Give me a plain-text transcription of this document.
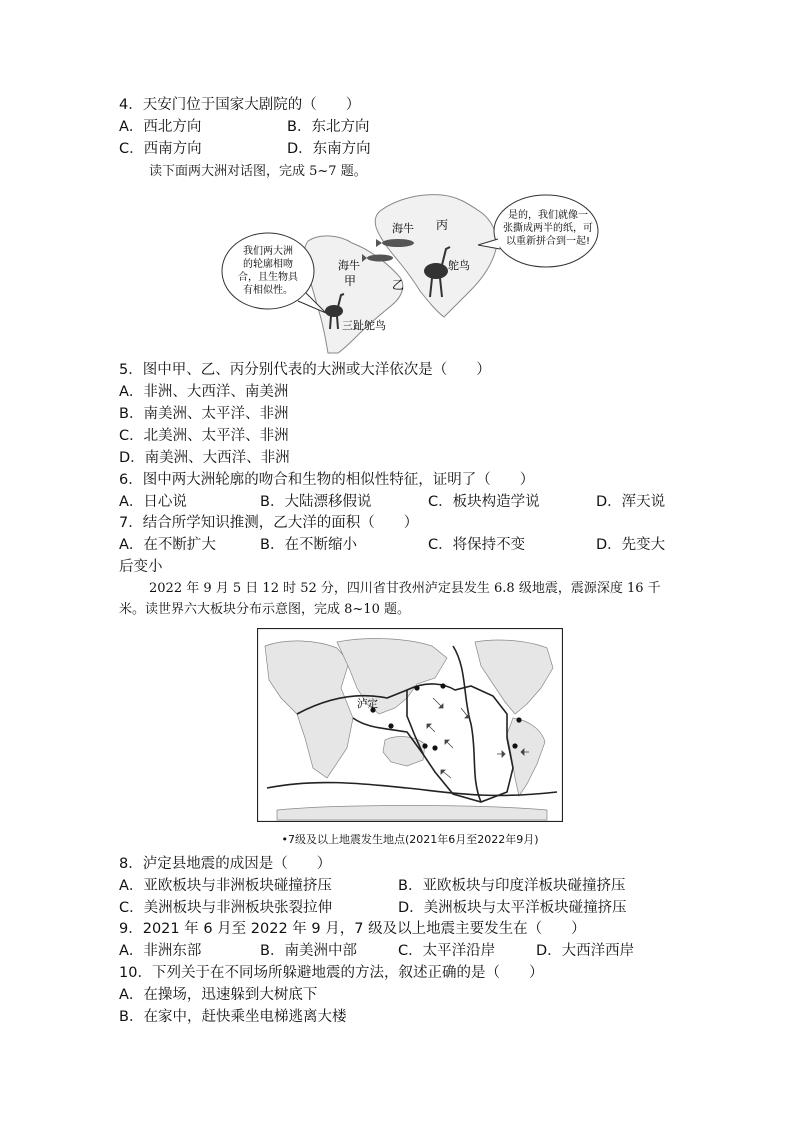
4．天安门位于国家大剧院的（　　）
A．西北方向	B．东北方向
C．西南方向	D．东南方向
读下面两大洲对话图，完成 5~7 题。
我们两大洲
的轮廓相吻
合，且生物具
有相似性。
是的，我们就像一
张撕成两半的纸，可
以重新拼合到一起!
海牛 丙
海牛
甲	乙
鸵鸟
三趾鸵鸟
5．图中甲、乙、丙分别代表的大洲或大洋依次是（　　）
A．非洲、大西洋、南美洲
B．南美洲、太平洋、非洲
C．北美洲、太平洋、非洲
D．南美洲、大西洋、非洲
6．图中两大洲轮廓的吻合和生物的相似性特征，证明了（　　）
A．日心说	B．大陆漂移假说	C．板块构造学说	D．浑天说
7．结合所学知识推测，乙大洋的面积（　　）
A．在不断扩大	B．在不断缩小	C．将保持不变	D．先变大
后变小
2022 年 9 月 5 日 12 时 52 分，四川省甘孜州泸定县发生 6.8 级地震，震源深度 16 千
米。读世界六大板块分布示意图，完成 8~10 题。
泸定
•7级及以上地震发生地点(2021年6月至2022年9月)
8．泸定县地震的成因是（　　）
A．亚欧板块与非洲板块碰撞挤压	B．亚欧板块与印度洋板块碰撞挤压
C．美洲板块与非洲板块张裂拉伸	D．美洲板块与太平洋板块碰撞挤压
9．2021 年 6 月至 2022 年 9 月，7 级及以上地震主要发生在（　　）
A．非洲东部	B．南美洲中部	C．太平洋沿岸	D．大西洋西岸
10．下列关于在不同场所躲避地震的方法，叙述正确的是（　　）
A．在操场，迅速躲到大树底下
B．在家中，赶快乘坐电梯逃离大楼
